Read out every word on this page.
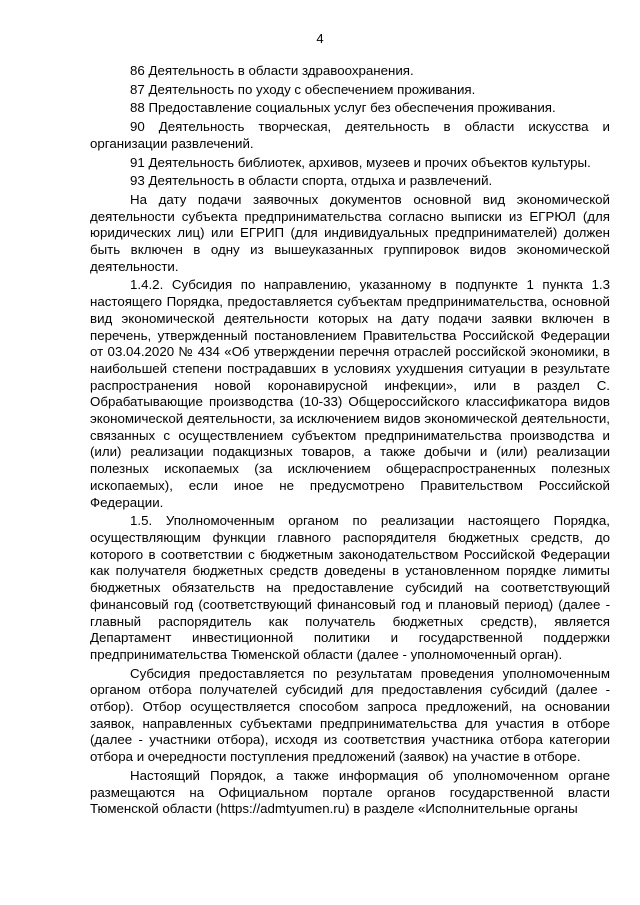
4

86 Деятельность в области здравоохранения.

87 Деятельность по уходу с обеспечением проживания.

88 Предоставление социальных услуг без обеспечения проживания.

90 Деятельность творческая, деятельность в области искусства и организации развлечений.

91 Деятельность библиотек, архивов, музеев и прочих объектов культуры.

93 Деятельность в области спорта, отдыха и развлечений.

На дату подачи заявочных документов основной вид экономической деятельности субъекта предпринимательства согласно выписки из ЕГРЮЛ (для юридических лиц) или ЕГРИП (для индивидуальных предпринимателей) должен быть включен в одну из вышеуказанных группировок видов экономической деятельности.

1.4.2. Субсидия по направлению, указанному в подпункте 1 пункта 1.3 настоящего Порядка, предоставляется субъектам предпринимательства, основной вид экономической деятельности которых на дату подачи заявки включен в перечень, утвержденный постановлением Правительства Российской Федерации от 03.04.2020 № 434 «Об утверждении перечня отраслей российской экономики, в наибольшей степени пострадавших в условиях ухудшения ситуации в результате распространения новой коронавирусной инфекции», или в раздел С. Обрабатывающие производства (10-33) Общероссийского классификатора видов экономической деятельности, за исключением видов экономической деятельности, связанных с осуществлением субъектом предпринимательства производства и (или) реализации подакцизных товаров, а также добычи и (или) реализации полезных ископаемых (за исключением общераспространенных полезных ископаемых), если иное не предусмотрено Правительством Российской Федерации.

1.5. Уполномоченным органом по реализации настоящего Порядка, осуществляющим функции главного распорядителя бюджетных средств, до которого в соответствии с бюджетным законодательством Российской Федерации как получателя бюджетных средств доведены в установленном порядке лимиты бюджетных обязательств на предоставление субсидий на соответствующий финансовый год (соответствующий финансовый год и плановый период) (далее - главный распорядитель как получатель бюджетных средств), является Департамент инвестиционной политики и государственной поддержки предпринимательства Тюменской области (далее - уполномоченный орган).

Субсидия предоставляется по результатам проведения уполномоченным органом отбора получателей субсидий для предоставления субсидий (далее - отбор). Отбор осуществляется способом запроса предложений, на основании заявок, направленных субъектами предпринимательства для участия в отборе (далее - участники отбора), исходя из соответствия участника отбора категории отбора и очередности поступления предложений (заявок) на участие в отборе.

Настоящий Порядок, а также информация об уполномоченном органе размещаются на Официальном портале органов государственной власти Тюменской области (https://admtyumen.ru) в разделе «Исполнительные органы
